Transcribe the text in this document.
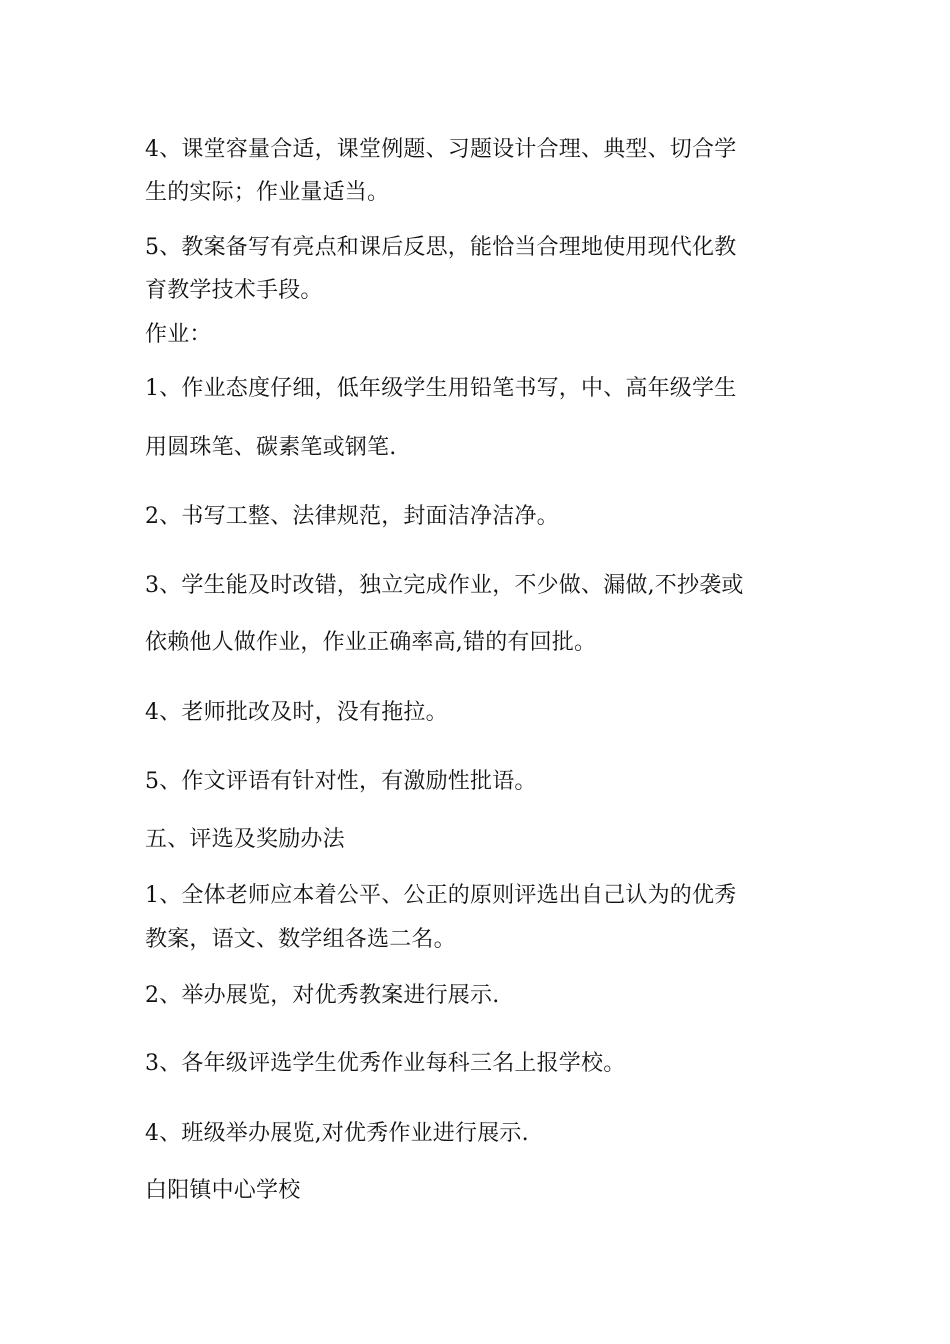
4、课堂容量合适，课堂例题、习题设计合理、典型、切合学
生的实际；作业量适当。
5、教案备写有亮点和课后反思，能恰当合理地使用现代化教
育教学技术手段。
作业：
1、作业态度仔细，低年级学生用铅笔书写，中、高年级学生
用圆珠笔、碳素笔或钢笔.
2、书写工整、法律规范，封面洁净洁净。
3、学生能及时改错，独立完成作业，不少做、漏做,不抄袭或
依赖他人做作业，作业正确率高,错的有回批。
4、老师批改及时，没有拖拉。
5、作文评语有针对性，有激励性批语。
五、评选及奖励办法
1、全体老师应本着公平、公正的原则评选出自己认为的优秀
教案，语文、数学组各选二名。
2、举办展览，对优秀教案进行展示.
3、各年级评选学生优秀作业每科三名上报学校。
4、班级举办展览,对优秀作业进行展示.
白阳镇中心学校
